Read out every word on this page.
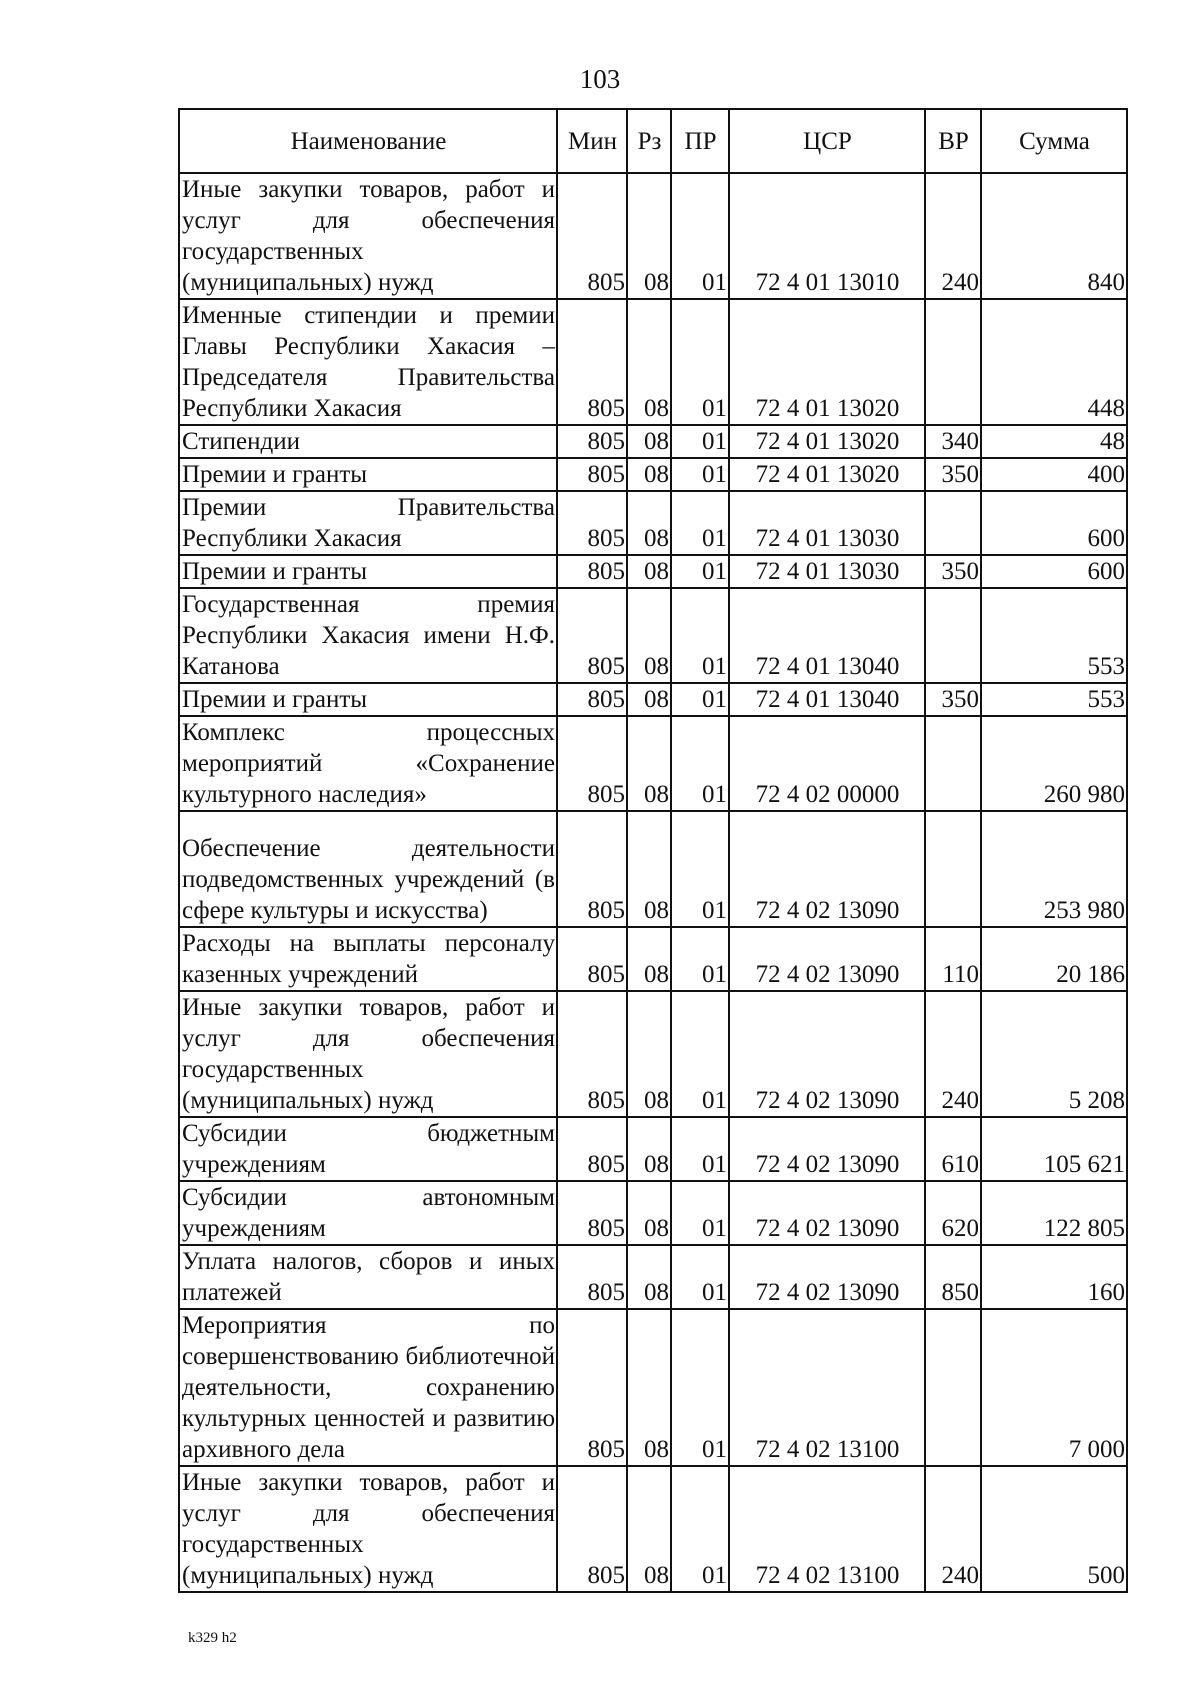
103
Наименование	Мин	Рз	ПР	ЦСР	ВР	Сумма
Иные закупки товаров, работ и услуг для обеспечения государственных (муниципальных) нужд	805	08	01	72 4 01 13010	240	840
Именные стипендии и премии Главы Республики Хакасия – Председателя Правительства Республики Хакасия	805	08	01	72 4 01 13020		448
Стипендии	805	08	01	72 4 01 13020	340	48
Премии и гранты	805	08	01	72 4 01 13020	350	400
Премии Правительства Республики Хакасия	805	08	01	72 4 01 13030		600
Премии и гранты	805	08	01	72 4 01 13030	350	600
Государственная премия Республики Хакасия имени Н.Ф. Катанова	805	08	01	72 4 01 13040		553
Премии и гранты	805	08	01	72 4 01 13040	350	553
Комплекс процессных мероприятий «Сохранение культурного наследия»	805	08	01	72 4 02 00000		260 980
Обеспечение деятельности подведомственных учреждений (в сфере культуры и искусства)	805	08	01	72 4 02 13090		253 980
Расходы на выплаты персоналу казенных учреждений	805	08	01	72 4 02 13090	110	20 186
Иные закупки товаров, работ и услуг для обеспечения государственных (муниципальных) нужд	805	08	01	72 4 02 13090	240	5 208
Субсидии бюджетным учреждениям	805	08	01	72 4 02 13090	610	105 621
Субсидии автономным учреждениям	805	08	01	72 4 02 13090	620	122 805
Уплата налогов, сборов и иных платежей	805	08	01	72 4 02 13090	850	160
Мероприятия по совершенствованию библиотечной деятельности, сохранению культурных ценностей и развитию архивного дела	805	08	01	72 4 02 13100		7 000
Иные закупки товаров, работ и услуг для обеспечения государственных (муниципальных) нужд	805	08	01	72 4 02 13100	240	500
k329 h2
